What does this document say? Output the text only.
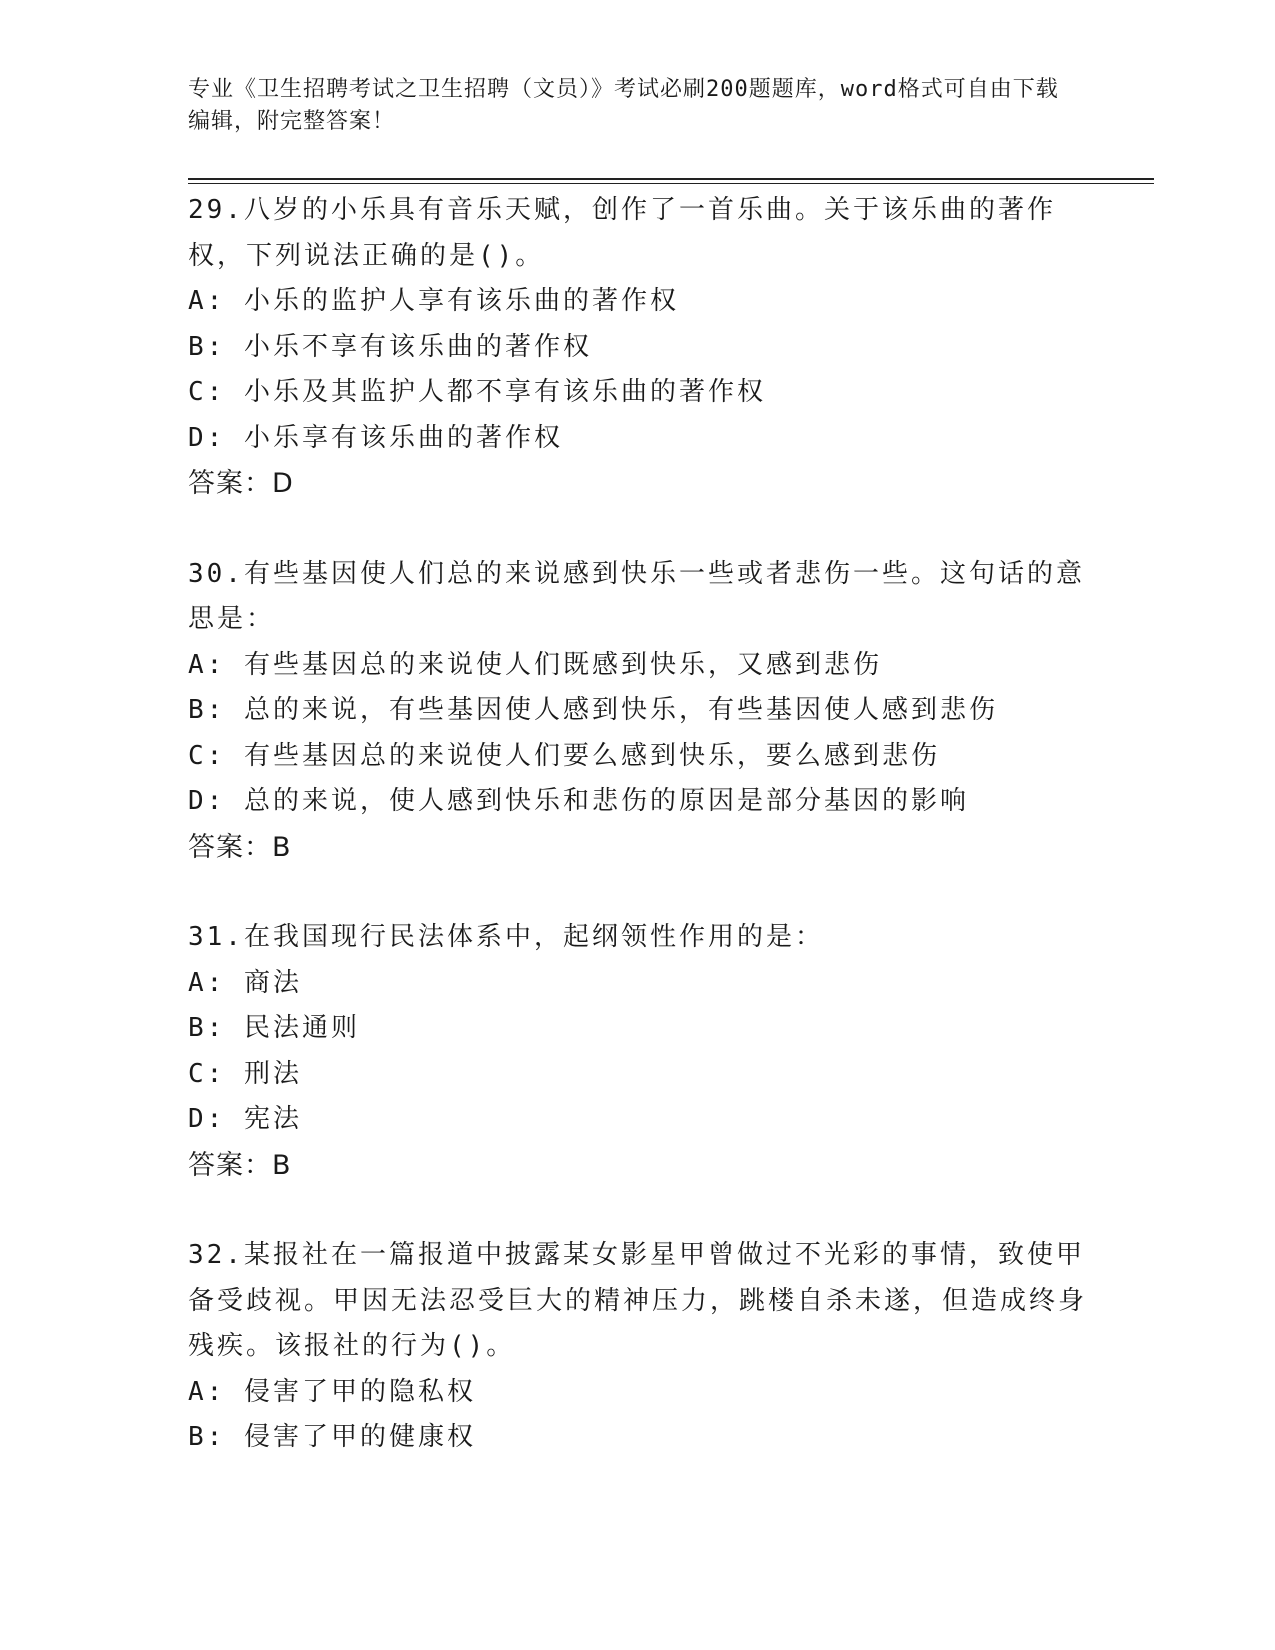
专业《卫生招聘考试之卫生招聘（文员）》考试必刷200题题库，word格式可自由下载编辑，附完整答案！

29.八岁的小乐具有音乐天赋，创作了一首乐曲。关于该乐曲的著作权，下列说法正确的是()。

A: 小乐的监护人享有该乐曲的著作权

B: 小乐不享有该乐曲的著作权

C: 小乐及其监护人都不享有该乐曲的著作权

D: 小乐享有该乐曲的著作权

答案：D

30.有些基因使人们总的来说感到快乐一些或者悲伤一些。这句话的意思是：

A: 有些基因总的来说使人们既感到快乐，又感到悲伤

B: 总的来说，有些基因使人感到快乐，有些基因使人感到悲伤

C: 有些基因总的来说使人们要么感到快乐，要么感到悲伤

D: 总的来说，使人感到快乐和悲伤的原因是部分基因的影响

答案：B

31.在我国现行民法体系中，起纲领性作用的是：

A: 商法

B: 民法通则

C: 刑法

D: 宪法

答案：B

32.某报社在一篇报道中披露某女影星甲曾做过不光彩的事情，致使甲备受歧视。甲因无法忍受巨大的精神压力，跳楼自杀未遂，但造成终身残疾。该报社的行为()。

A: 侵害了甲的隐私权

B: 侵害了甲的健康权
